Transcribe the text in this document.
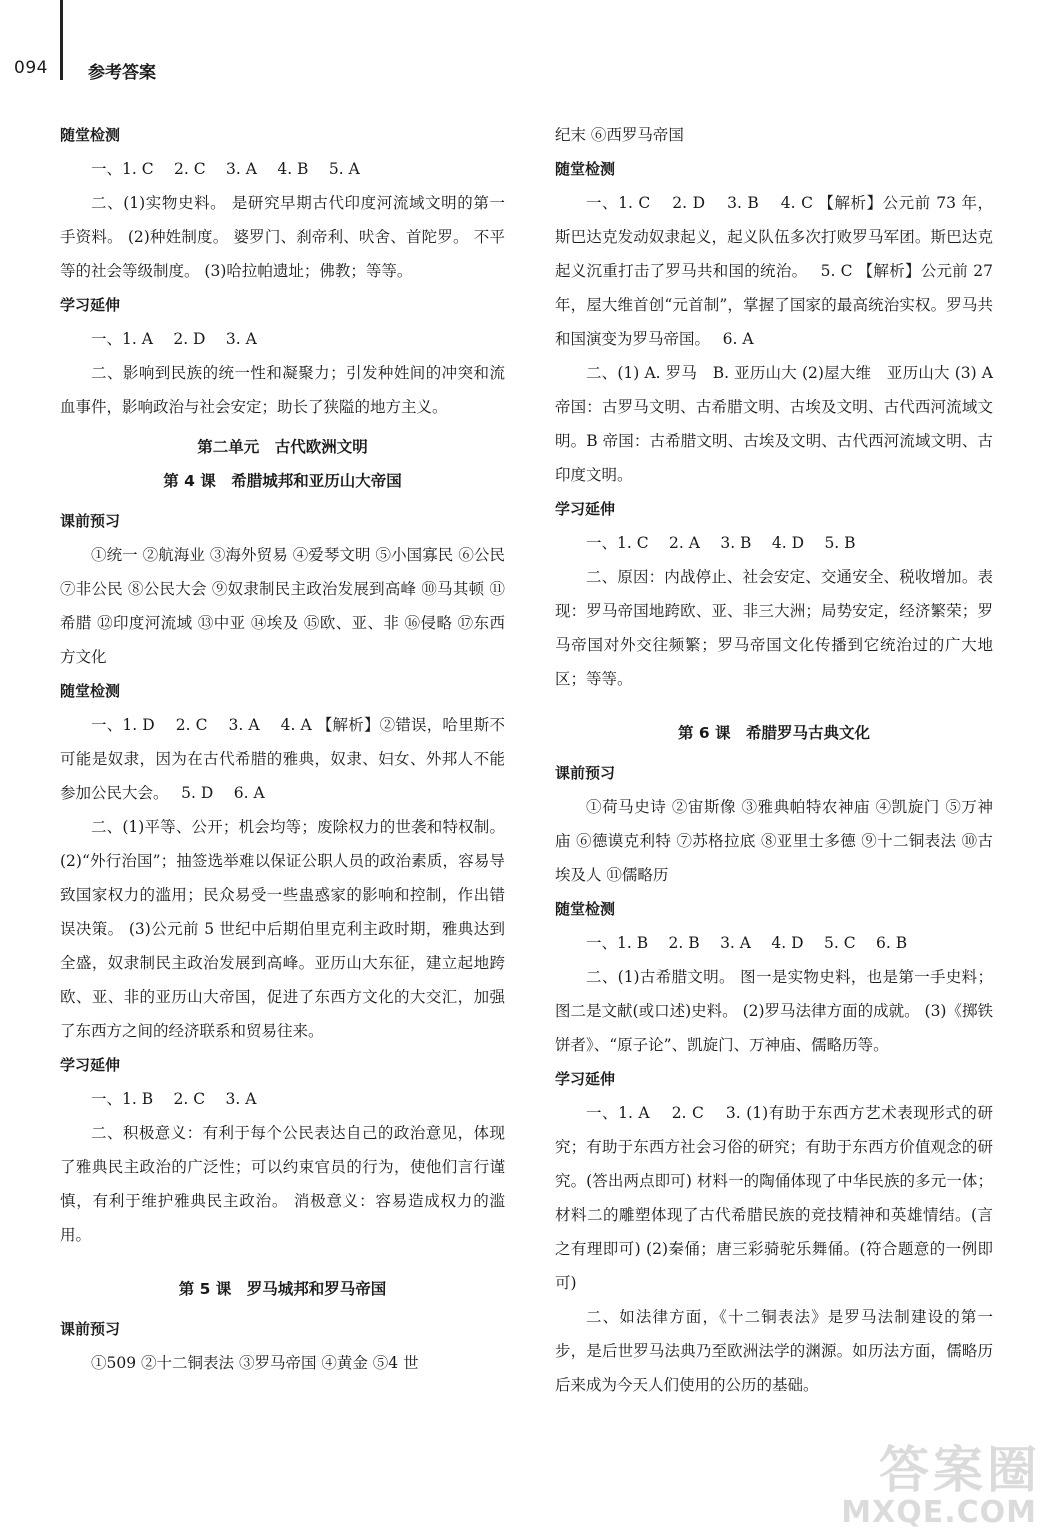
094 参考答案

随堂检测

一、1. C　 2. C　 3. A　 4. B　 5. A

二、(1)实物史料。 是研究早期古代印度河流域文明的第一手资料。 (2)种姓制度。 婆罗门、刹帝利、吠舍、首陀罗。 不平等的社会等级制度。 (3)哈拉帕遗址；佛教；等等。

学习延伸

一、1. A　 2. D　 3. A

二、影响到民族的统一性和凝聚力；引发种姓间的冲突和流血事件，影响政治与社会安定；助长了狭隘的地方主义。

第二单元　古代欧洲文明

第 4 课　希腊城邦和亚历山大帝国

课前预习

①统一 ②航海业 ③海外贸易 ④爱琴文明 ⑤小国寡民 ⑥公民 ⑦非公民 ⑧公民大会 ⑨奴隶制民主政治发展到高峰 ⑩马其顿 ⑪希腊 ⑫印度河流域 ⑬中亚 ⑭埃及 ⑮欧、亚、非 ⑯侵略 ⑰东西方文化

随堂检测

一、1. D　 2. C　 3. A　 4. A 【解析】②错误，哈里斯不可能是奴隶，因为在古代希腊的雅典，奴隶、妇女、外邦人不能参加公民大会。　 5. D　 6. A

二、(1)平等、公开；机会均等；废除权力的世袭和特权制。 (2)“外行治国”；抽签选举难以保证公职人员的政治素质，容易导致国家权力的滥用；民众易受一些蛊惑家的影响和控制，作出错误决策。 (3)公元前 5 世纪中后期伯里克利主政时期，雅典达到全盛，奴隶制民主政治发展到高峰。亚历山大东征，建立起地跨欧、亚、非的亚历山大帝国，促进了东西方文化的大交汇，加强了东西方之间的经济联系和贸易往来。

学习延伸

一、1. B　 2. C　 3. A

二、积极意义：有利于每个公民表达自己的政治意见，体现了雅典民主政治的广泛性；可以约束官员的行为，使他们言行谨慎，有利于维护雅典民主政治。 消极意义：容易造成权力的滥用。

第 5 课　罗马城邦和罗马帝国

课前预习

①509 ②十二铜表法 ③罗马帝国 ④黄金 ⑤4 世

纪末 ⑥西罗马帝国

随堂检测

一、1. C　 2. D　 3. B　 4. C 【解析】公元前 73 年，斯巴达克发动奴隶起义，起义队伍多次打败罗马军团。斯巴达克起义沉重打击了罗马共和国的统治。　 5. C 【解析】公元前 27 年，屋大维首创“元首制”，掌握了国家的最高统治实权。罗马共和国演变为罗马帝国。　 6. A

二、(1) A. 罗马　B. 亚历山大 (2)屋大维　亚历山大 (3) A 帝国：古罗马文明、古希腊文明、古埃及文明、古代西河流域文明。B 帝国：古希腊文明、古埃及文明、古代西河流域文明、古印度文明。

学习延伸

一、1. C　 2. A　 3. B　 4. D　 5. B

二、原因：内战停止、社会安定、交通安全、税收增加。表现：罗马帝国地跨欧、亚、非三大洲；局势安定，经济繁荣；罗马帝国对外交往频繁；罗马帝国文化传播到它统治过的广大地区；等等。

第 6 课　希腊罗马古典文化

课前预习

①荷马史诗 ②宙斯像 ③雅典帕特农神庙 ④凯旋门 ⑤万神庙 ⑥德谟克利特 ⑦苏格拉底 ⑧亚里士多德 ⑨十二铜表法 ⑩古埃及人 ⑪儒略历

随堂检测

一、1. B　 2. B　 3. A　 4. D　 5. C　 6. B

二、(1)古希腊文明。 图一是实物史料，也是第一手史料；图二是文献(或口述)史料。 (2)罗马法律方面的成就。 (3)《掷铁饼者》、“原子论”、凯旋门、万神庙、儒略历等。

学习延伸

一、1. A　 2. C　 3. (1)有助于东西方艺术表现形式的研究；有助于东西方社会习俗的研究；有助于东西方价值观念的研究。(答出两点即可) 材料一的陶俑体现了中华民族的多元一体；材料二的雕塑体现了古代希腊民族的竞技精神和英雄情结。(言之有理即可) (2)秦俑；唐三彩骑驼乐舞俑。(符合题意的一例即可)

二、如法律方面，《十二铜表法》是罗马法制建设的第一步，是后世罗马法典乃至欧洲法学的渊源。如历法方面，儒略历后来成为今天人们使用的公历的基础。

答案圈
MXQE.COM
